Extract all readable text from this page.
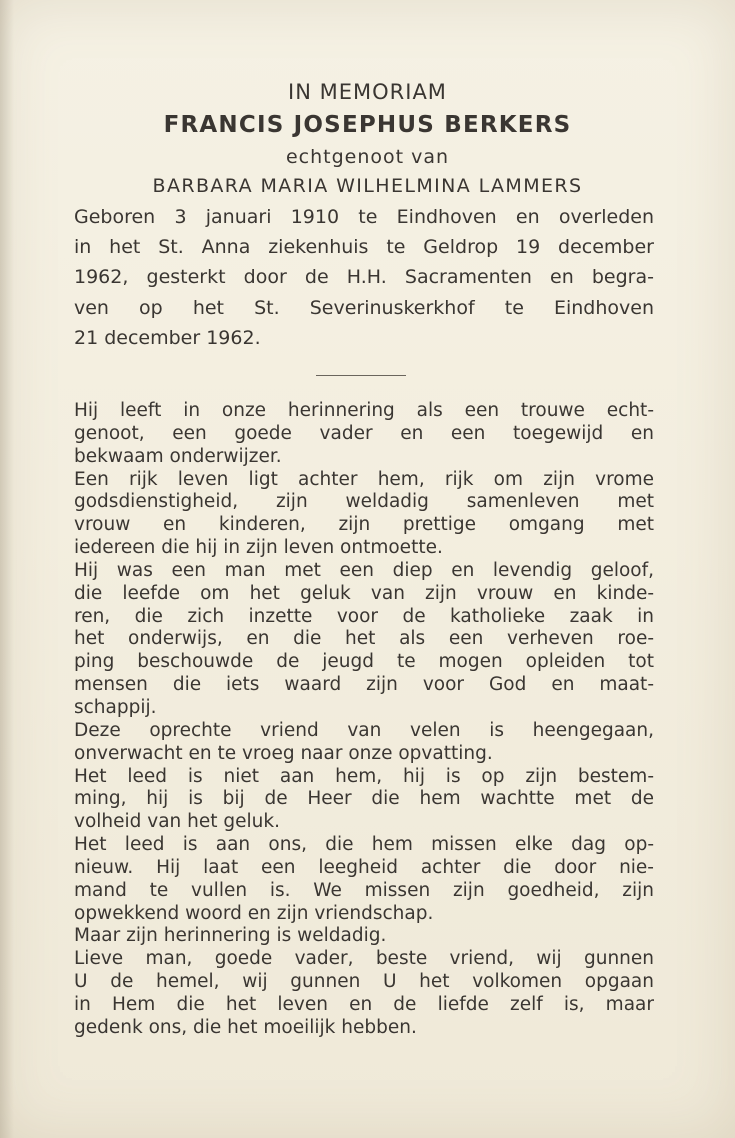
IN MEMORIAM
FRANCIS JOSEPHUS BERKERS
echtgenoot van
BARBARA MARIA WILHELMINA LAMMERS
Geboren 3 januari 1910 te Eindhoven en overleden
in het St. Anna ziekenhuis te Geldrop 19 december
1962, gesterkt door de H.H. Sacramenten en begra-
ven op het St. Severinuskerkhof te Eindhoven
21 december 1962.
Hij leeft in onze herinnering als een trouwe echt-
genoot, een goede vader en een toegewijd en
bekwaam onderwijzer.
Een rijk leven ligt achter hem, rijk om zijn vrome
godsdienstigheid, zijn weldadig samenleven met
vrouw en kinderen, zijn prettige omgang met
iedereen die hij in zijn leven ontmoette.
Hij was een man met een diep en levendig geloof,
die leefde om het geluk van zijn vrouw en kinde-
ren, die zich inzette voor de katholieke zaak in
het onderwijs, en die het als een verheven roe-
ping beschouwde de jeugd te mogen opleiden tot
mensen die iets waard zijn voor God en maat-
schappij.
Deze oprechte vriend van velen is heengegaan,
onverwacht en te vroeg naar onze opvatting.
Het leed is niet aan hem, hij is op zijn bestem-
ming, hij is bij de Heer die hem wachtte met de
volheid van het geluk.
Het leed is aan ons, die hem missen elke dag op-
nieuw. Hij laat een leegheid achter die door nie-
mand te vullen is. We missen zijn goedheid, zijn
opwekkend woord en zijn vriendschap.
Maar zijn herinnering is weldadig.
Lieve man, goede vader, beste vriend, wij gunnen
U de hemel, wij gunnen U het volkomen opgaan
in Hem die het leven en de liefde zelf is, maar
gedenk ons, die het moeilijk hebben.
